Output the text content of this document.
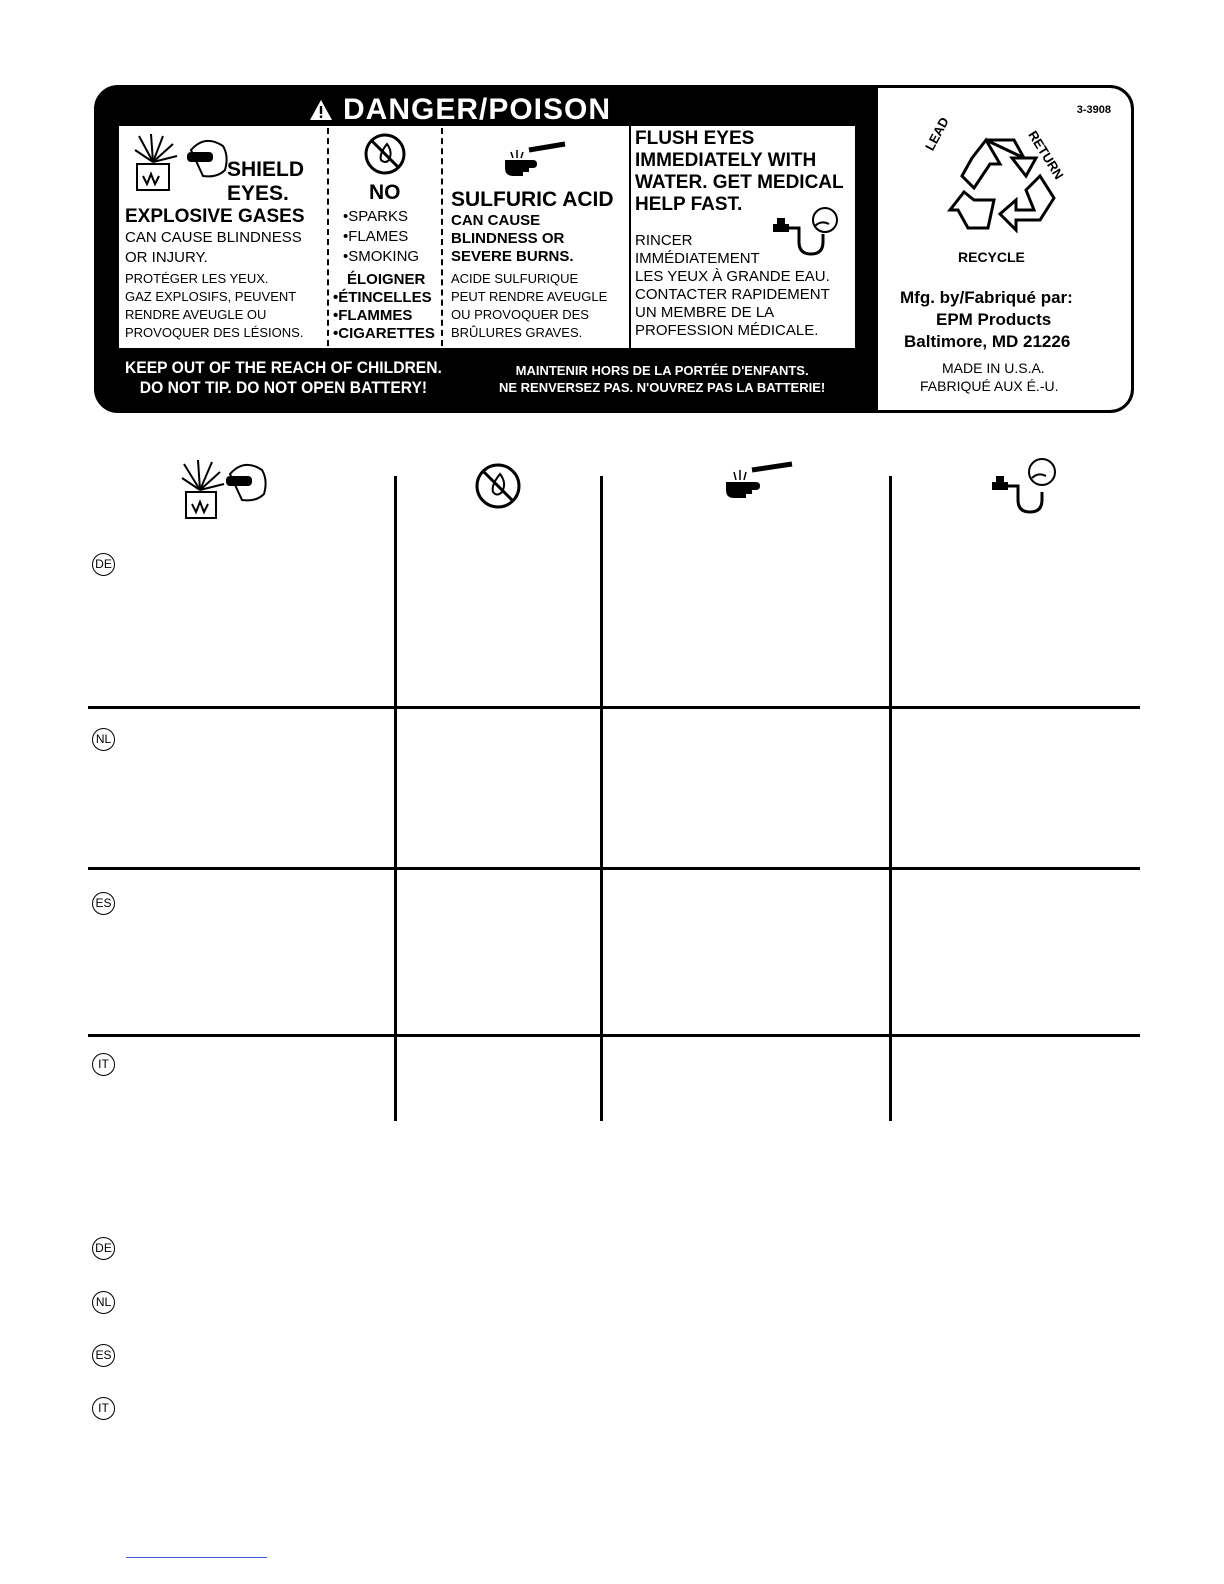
DANGER/POISON
SHIELD
EYES.
EXPLOSIVE GASES
CAN CAUSE BLINDNESS
OR INJURY.
PROTÉGER LES YEUX.
GAZ EXPLOSIFS, PEUVENT
RENDRE AVEUGLE OU
PROVOQUER DES LÉSIONS.
NO
•SPARKS
•FLAMES
•SMOKING
ÉLOIGNER
•ÉTINCELLES
•FLAMMES
•CIGARETTES
SULFURIC ACID
CAN CAUSE
BLINDNESS OR
SEVERE BURNS.
ACIDE SULFURIQUE
PEUT RENDRE AVEUGLE
OU PROVOQUER DES
BRÛLURES GRAVES.
FLUSH EYES
IMMEDIATELY WITH
WATER. GET MEDICAL
HELP FAST.
RINCER
IMMÉDIATEMENT
LES YEUX À GRANDE EAU.
CONTACTER RAPIDEMENT
UN MEMBRE DE LA
PROFESSION MÉDICALE.
KEEP OUT OF THE REACH OF CHILDREN.
DO NOT TIP. DO NOT OPEN BATTERY!
MAINTENIR HORS DE LA PORTÉE D'ENFANTS.
NE RENVERSEZ PAS. N'OUVREZ PAS LA BATTERIE!
3-3908
LEAD	RETURN
RECYCLE
Mfg. by/Fabriqué par:
EPM Products
Baltimore, MD 21226
MADE IN U.S.A.
FABRIQUÉ AUX É.-U.
DE
NL
ES
IT
DE
NL
ES
IT
